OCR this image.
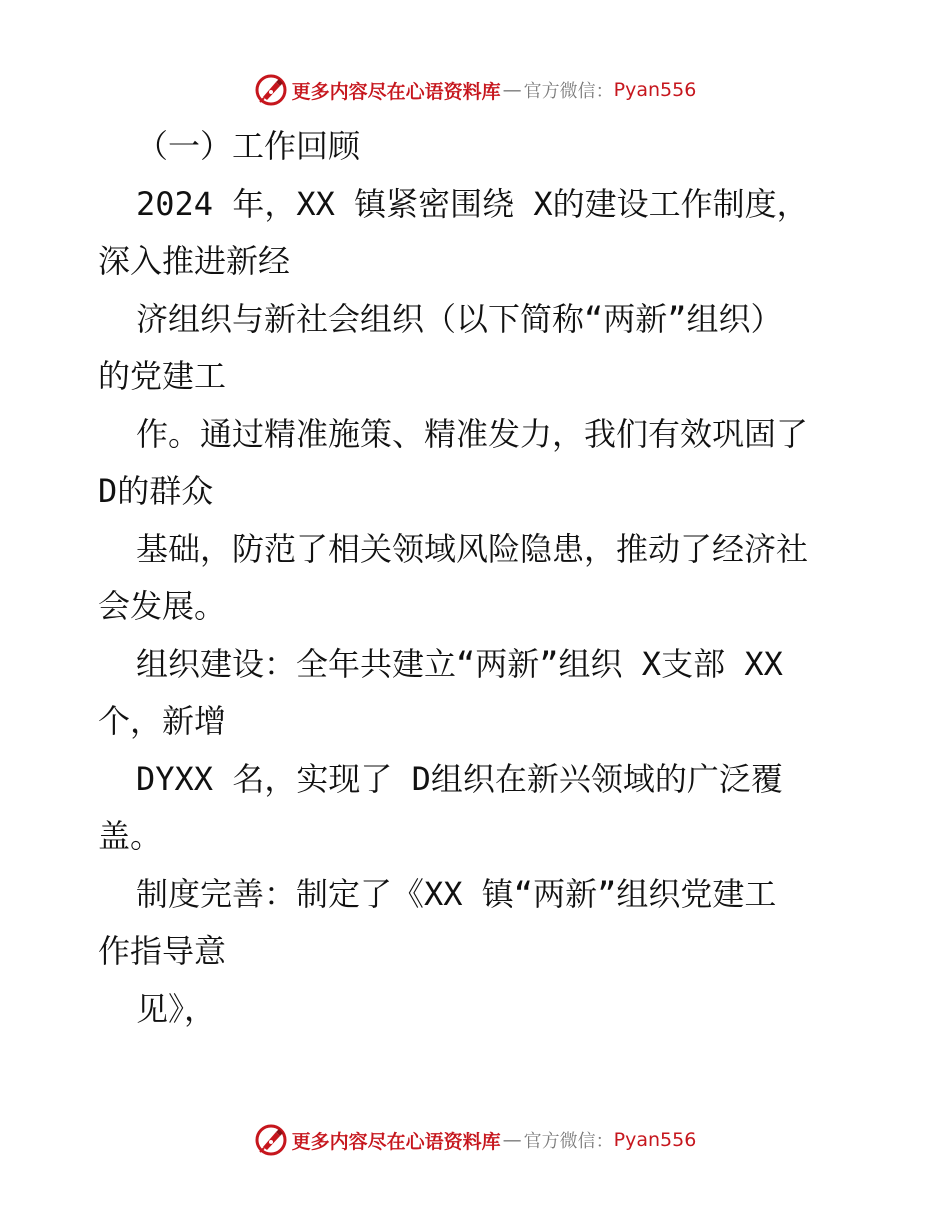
更多内容尽在心语资料库 — 官方微信： Pyan556
（一）工作回顾
2024 年，XX 镇紧密围绕 X的建设工作制度，
深入推进新经
济组织与新社会组织（以下简称“两新”组织）
的党建工
作。通过精准施策、精准发力，我们有效巩固了
D的群众
基础，防范了相关领域风险隐患，推动了经济社
会发展。
组织建设：全年共建立“两新”组织 X支部 XX
个，新增
DYXX 名，实现了 D组织在新兴领域的广泛覆
盖。
制度完善：制定了《XX 镇“两新”组织党建工
作指导意
见》，
更多内容尽在心语资料库 — 官方微信： Pyan556
